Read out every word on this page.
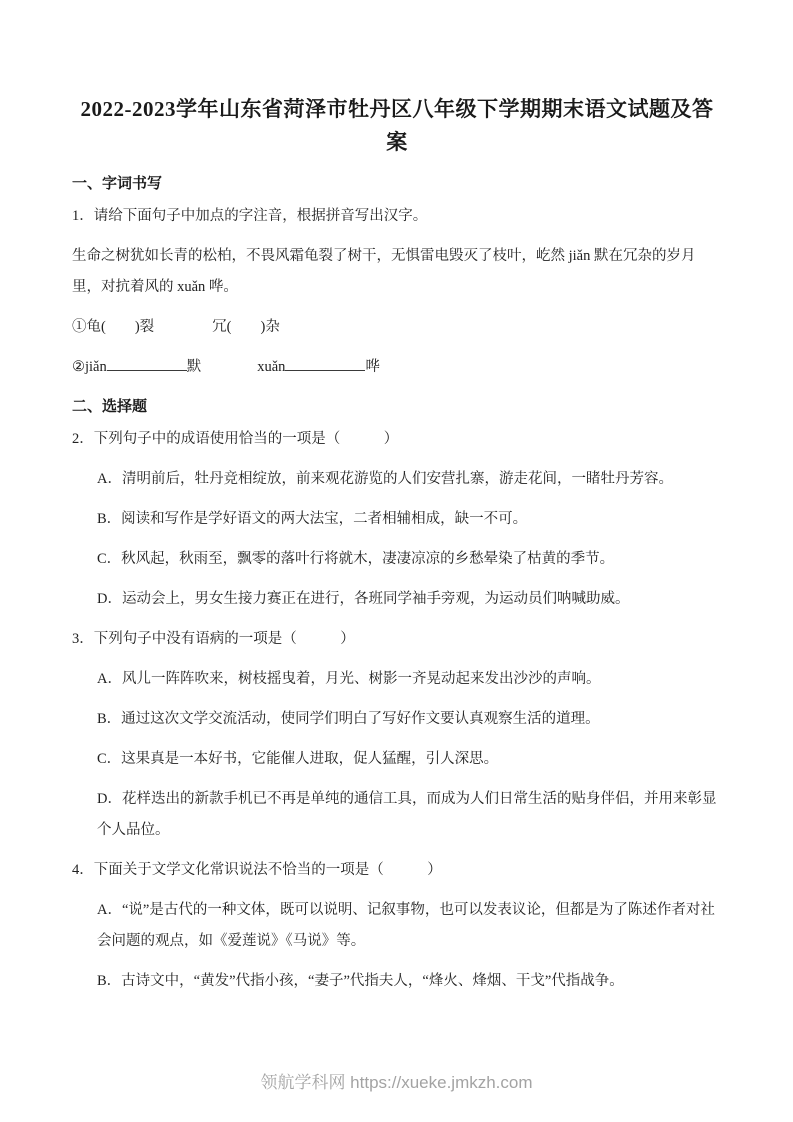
2022-2023学年山东省菏泽市牡丹区八年级下学期期末语文试题及答
案
一、字词书写
1．请给下面句子中加点的字注音，根据拼音写出汉字。
生命之树犹如长青的松柏，不畏风霜龟裂了树干，无惧雷电毁灭了枝叶，屹然 jiǎn 默在冗杂的岁月里，对抗着风的 xuǎn 哗。
①龟(　　)裂　　　　冗(　　)杂
②jiǎn	默	xuǎn	哗
二、选择题
2．下列句子中的成语使用恰当的一项是（　　　）
A．清明前后，牡丹竞相绽放，前来观花游览的人们安营扎寨，游走花间，一睹牡丹芳容。
B．阅读和写作是学好语文的两大法宝，二者相辅相成，缺一不可。
C．秋风起，秋雨至，飘零的落叶行将就木，凄凄凉凉的乡愁晕染了枯黄的季节。
D．运动会上，男女生接力赛正在进行，各班同学袖手旁观，为运动员们呐喊助威。
3．下列句子中没有语病的一项是（　　　）
A．风儿一阵阵吹来，树枝摇曳着，月光、树影一齐晃动起来发出沙沙的声响。
B．通过这次文学交流活动，使同学们明白了写好作文要认真观察生活的道理。
C．这果真是一本好书，它能催人进取，促人猛醒，引人深思。
D．花样迭出的新款手机已不再是单纯的通信工具，而成为人们日常生活的贴身伴侣，并用来彰显个人品位。
4．下面关于文学文化常识说法不恰当的一项是（　　　）
A．“说”是古代的一种文体，既可以说明、记叙事物，也可以发表议论，但都是为了陈述作者对社会问题的观点，如《爱莲说》《马说》等。
B．古诗文中，“黄发”代指小孩，“妻子”代指夫人，“烽火、烽烟、干戈”代指战争。
领航学科网 https://xueke.jmkzh.com
